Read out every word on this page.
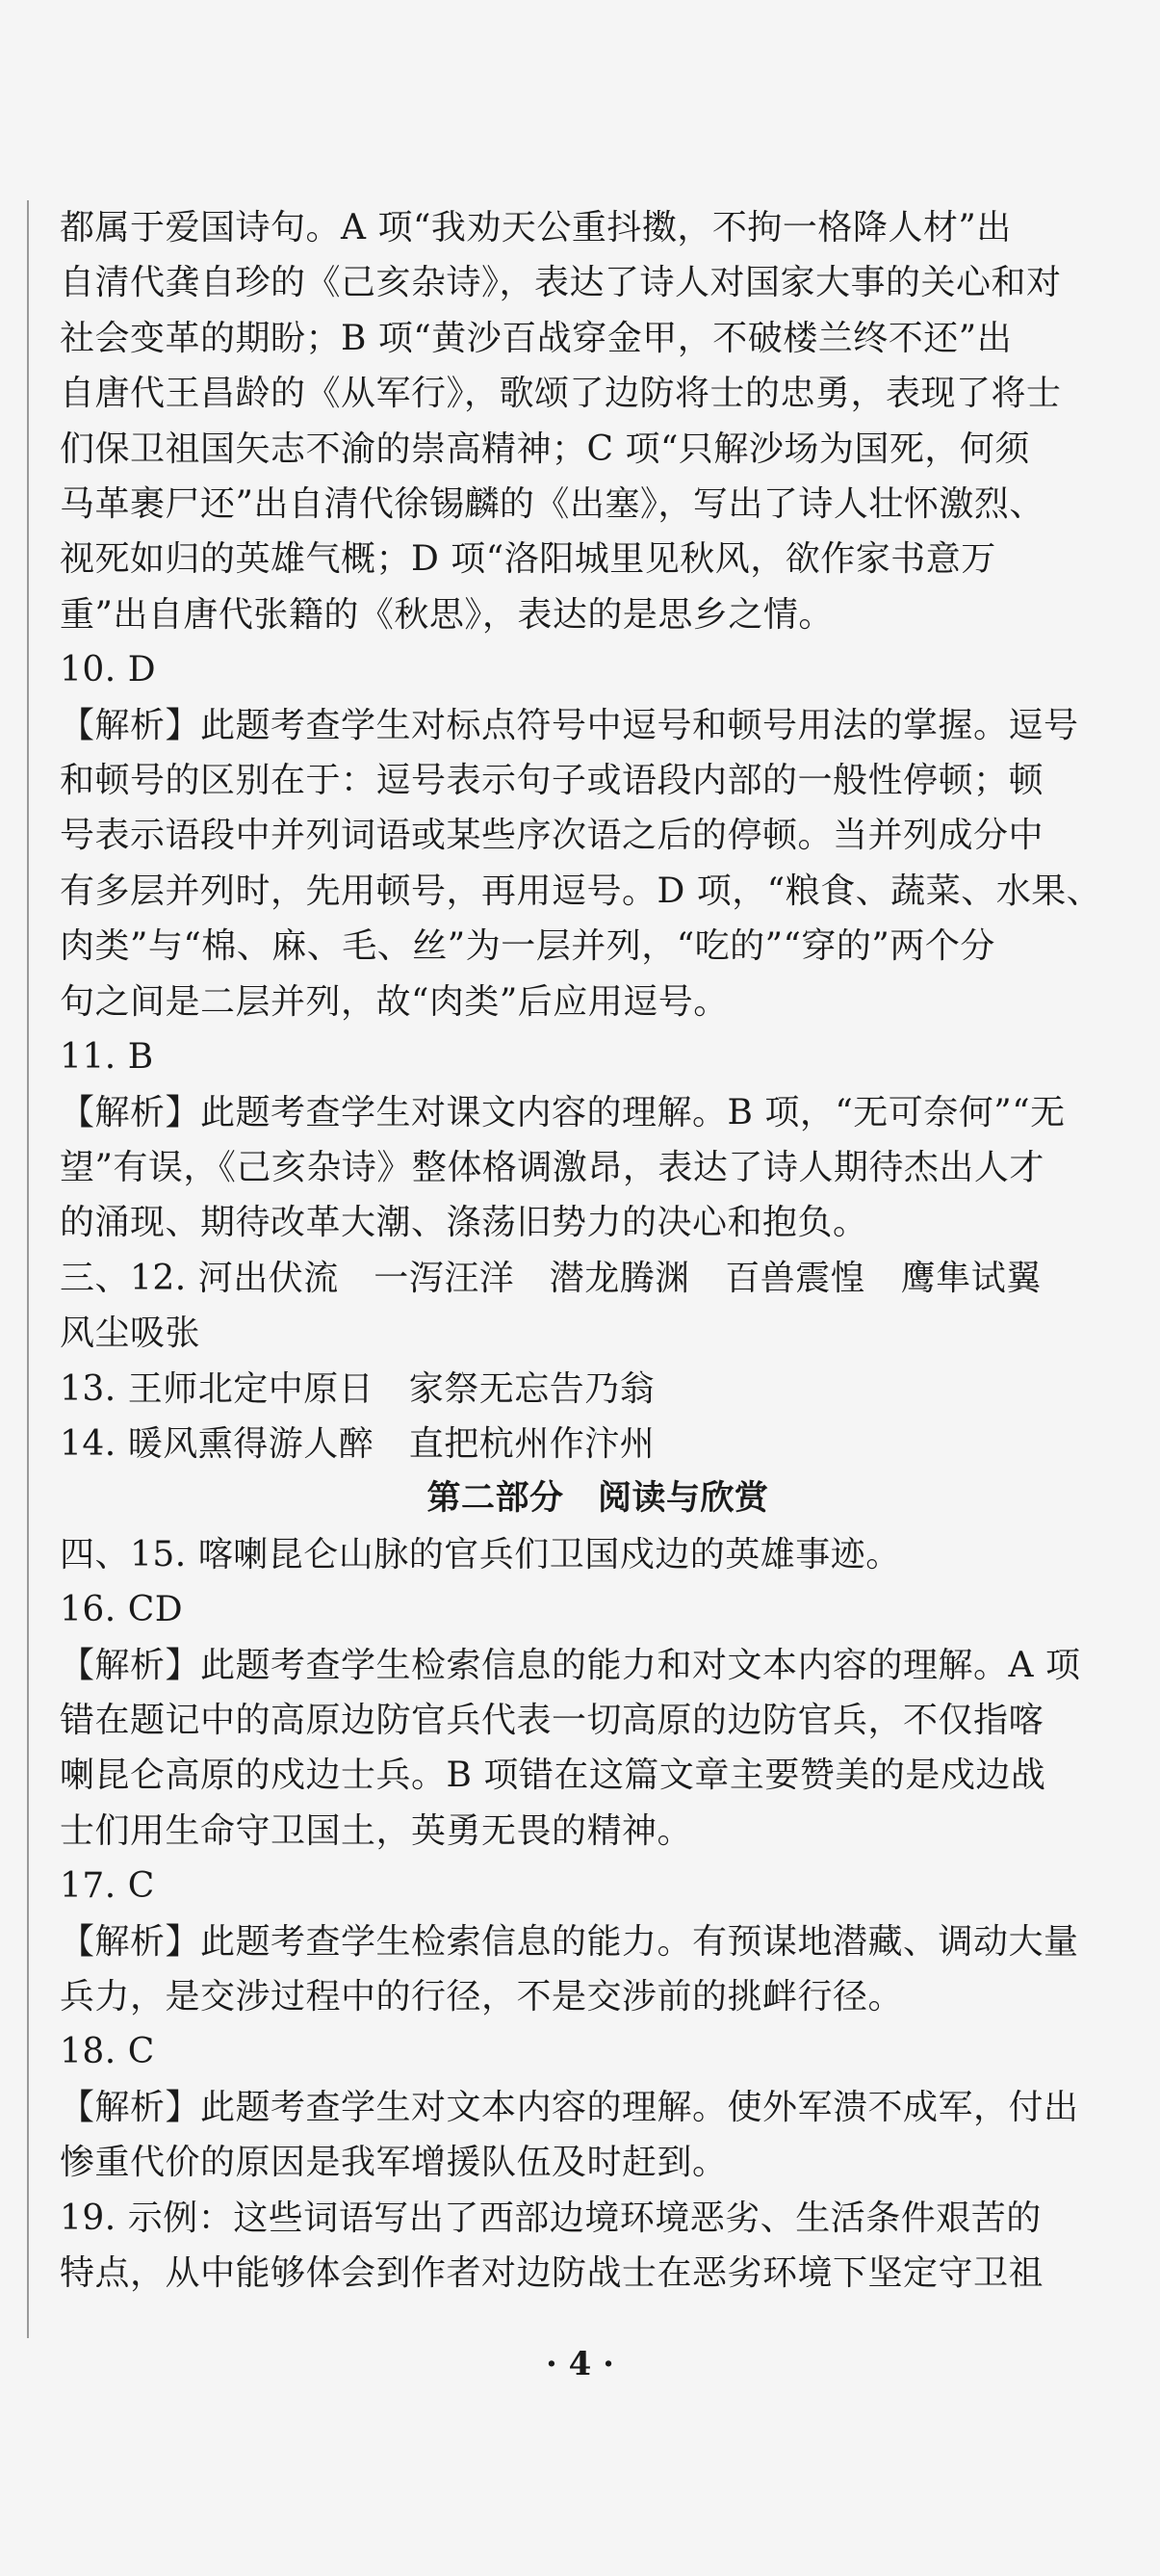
都属于爱国诗句。A 项“我劝天公重抖擞，不拘一格降人材”出

自清代龚自珍的《己亥杂诗》，表达了诗人对国家大事的关心和对

社会变革的期盼；B 项“黄沙百战穿金甲，不破楼兰终不还”出

自唐代王昌龄的《从军行》，歌颂了边防将士的忠勇，表现了将士

们保卫祖国矢志不渝的崇高精神；C 项“只解沙场为国死，何须

马革裹尸还”出自清代徐锡麟的《出塞》，写出了诗人壮怀激烈、

视死如归的英雄气概；D 项“洛阳城里见秋风，欲作家书意万

重”出自唐代张籍的《秋思》，表达的是思乡之情。

10. D

【解析】此题考查学生对标点符号中逗号和顿号用法的掌握。逗号

和顿号的区别在于：逗号表示句子或语段内部的一般性停顿；顿

号表示语段中并列词语或某些序次语之后的停顿。当并列成分中

有多层并列时，先用顿号，再用逗号。D 项，“粮食、蔬菜、水果、

肉类”与“棉、麻、毛、丝”为一层并列，“吃的”“穿的”两个分

句之间是二层并列，故“肉类”后应用逗号。

11. B

【解析】此题考查学生对课文内容的理解。B 项，“无可奈何”“无

望”有误，《己亥杂诗》整体格调激昂，表达了诗人期待杰出人才

的涌现、期待改革大潮、涤荡旧势力的决心和抱负。

三、12. 河出伏流　一泻汪洋　潜龙腾渊　百兽震惶　鹰隼试翼

风尘吸张

13. 王师北定中原日　家祭无忘告乃翁

14. 暖风熏得游人醉　直把杭州作汴州

第二部分　阅读与欣赏

四、15. 喀喇昆仑山脉的官兵们卫国戍边的英雄事迹。

16. CD

【解析】此题考查学生检索信息的能力和对文本内容的理解。A 项

错在题记中的高原边防官兵代表一切高原的边防官兵，不仅指喀

喇昆仑高原的戍边士兵。B 项错在这篇文章主要赞美的是戍边战

士们用生命守卫国土，英勇无畏的精神。

17. C

【解析】此题考查学生检索信息的能力。有预谋地潜藏、调动大量

兵力，是交涉过程中的行径，不是交涉前的挑衅行径。

18. C

【解析】此题考查学生对文本内容的理解。使外军溃不成军，付出

惨重代价的原因是我军增援队伍及时赶到。

19. 示例：这些词语写出了西部边境环境恶劣、生活条件艰苦的

特点，从中能够体会到作者对边防战士在恶劣环境下坚定守卫祖

· 4 ·
